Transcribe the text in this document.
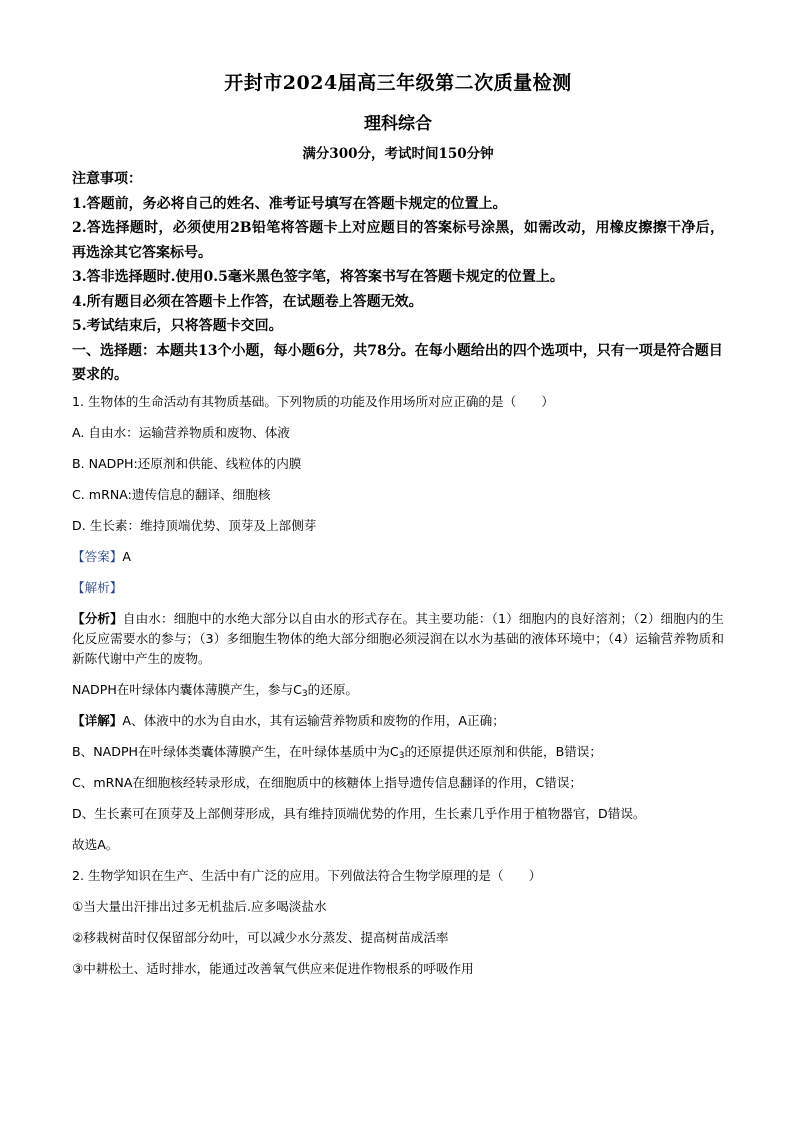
开封市2024届高三年级第二次质量检测
理科综合

满分300分，考试时间150分钟

注意事项：

1.答题前，务必将自己的姓名、准考证号填写在答题卡规定的位置上。

2.答选择题时，必须使用2B铅笔将答题卡上对应题目的答案标号涂黑，如需改动，用橡皮擦擦干净后，再选涂其它答案标号。

3.答非选择题时.使用0.5毫米黑色签字笔，将答案书写在答题卡规定的位置上。

4.所有题目必须在答题卡上作答，在试题卷上答题无效。

5.考试结束后，只将答题卡交回。

一、选择题：本题共13个小题，每小题6分，共78分。在每小题给出的四个选项中，只有一项是符合题目要求的。

1. 生物体的生命活动有其物质基础。下列物质的功能及作用场所对应正确的是（　　）

A. 自由水：运输营养物质和废物、体液

B. NADPH:还原剂和供能、线粒体的内膜

C. mRNA:遗传信息的翻译、细胞核

D. 生长素：维持顶端优势、顶芽及上部侧芽

【答案】A

【解析】

【分析】自由水：细胞中的水绝大部分以自由水的形式存在。其主要功能：（1）细胞内的良好溶剂；（2）细胞内的生化反应需要水的参与；（3）多细胞生物体的绝大部分细胞必须浸润在以水为基础的液体环境中；（4）运输营养物质和新陈代谢中产生的废物。

NADPH在叶绿体内囊体薄膜产生，参与$C_3$的还原。

【详解】A、体液中的水为自由水，其有运输营养物质和废物的作用，A正确；

B、NADPH在叶绿体类囊体薄膜产生，在叶绿体基质中为$C_3$的还原提供还原剂和供能，B错误；

C、mRNA在细胞核经转录形成，在细胞质中的核糖体上指导遗传信息翻译的作用，C错误；

D、生长素可在顶芽及上部侧芽形成，具有维持顶端优势的作用，生长素几乎作用于植物器官，D错误。

故选A。

2. 生物学知识在生产、生活中有广泛的应用。下列做法符合生物学原理的是（　　）

①当大量出汗排出过多无机盐后.应多喝淡盐水

②移栽树苗时仅保留部分幼叶，可以减少水分蒸发、提高树苗成活率

③中耕松土、适时排水，能通过改善氧气供应来促进作物根系的呼吸作用
